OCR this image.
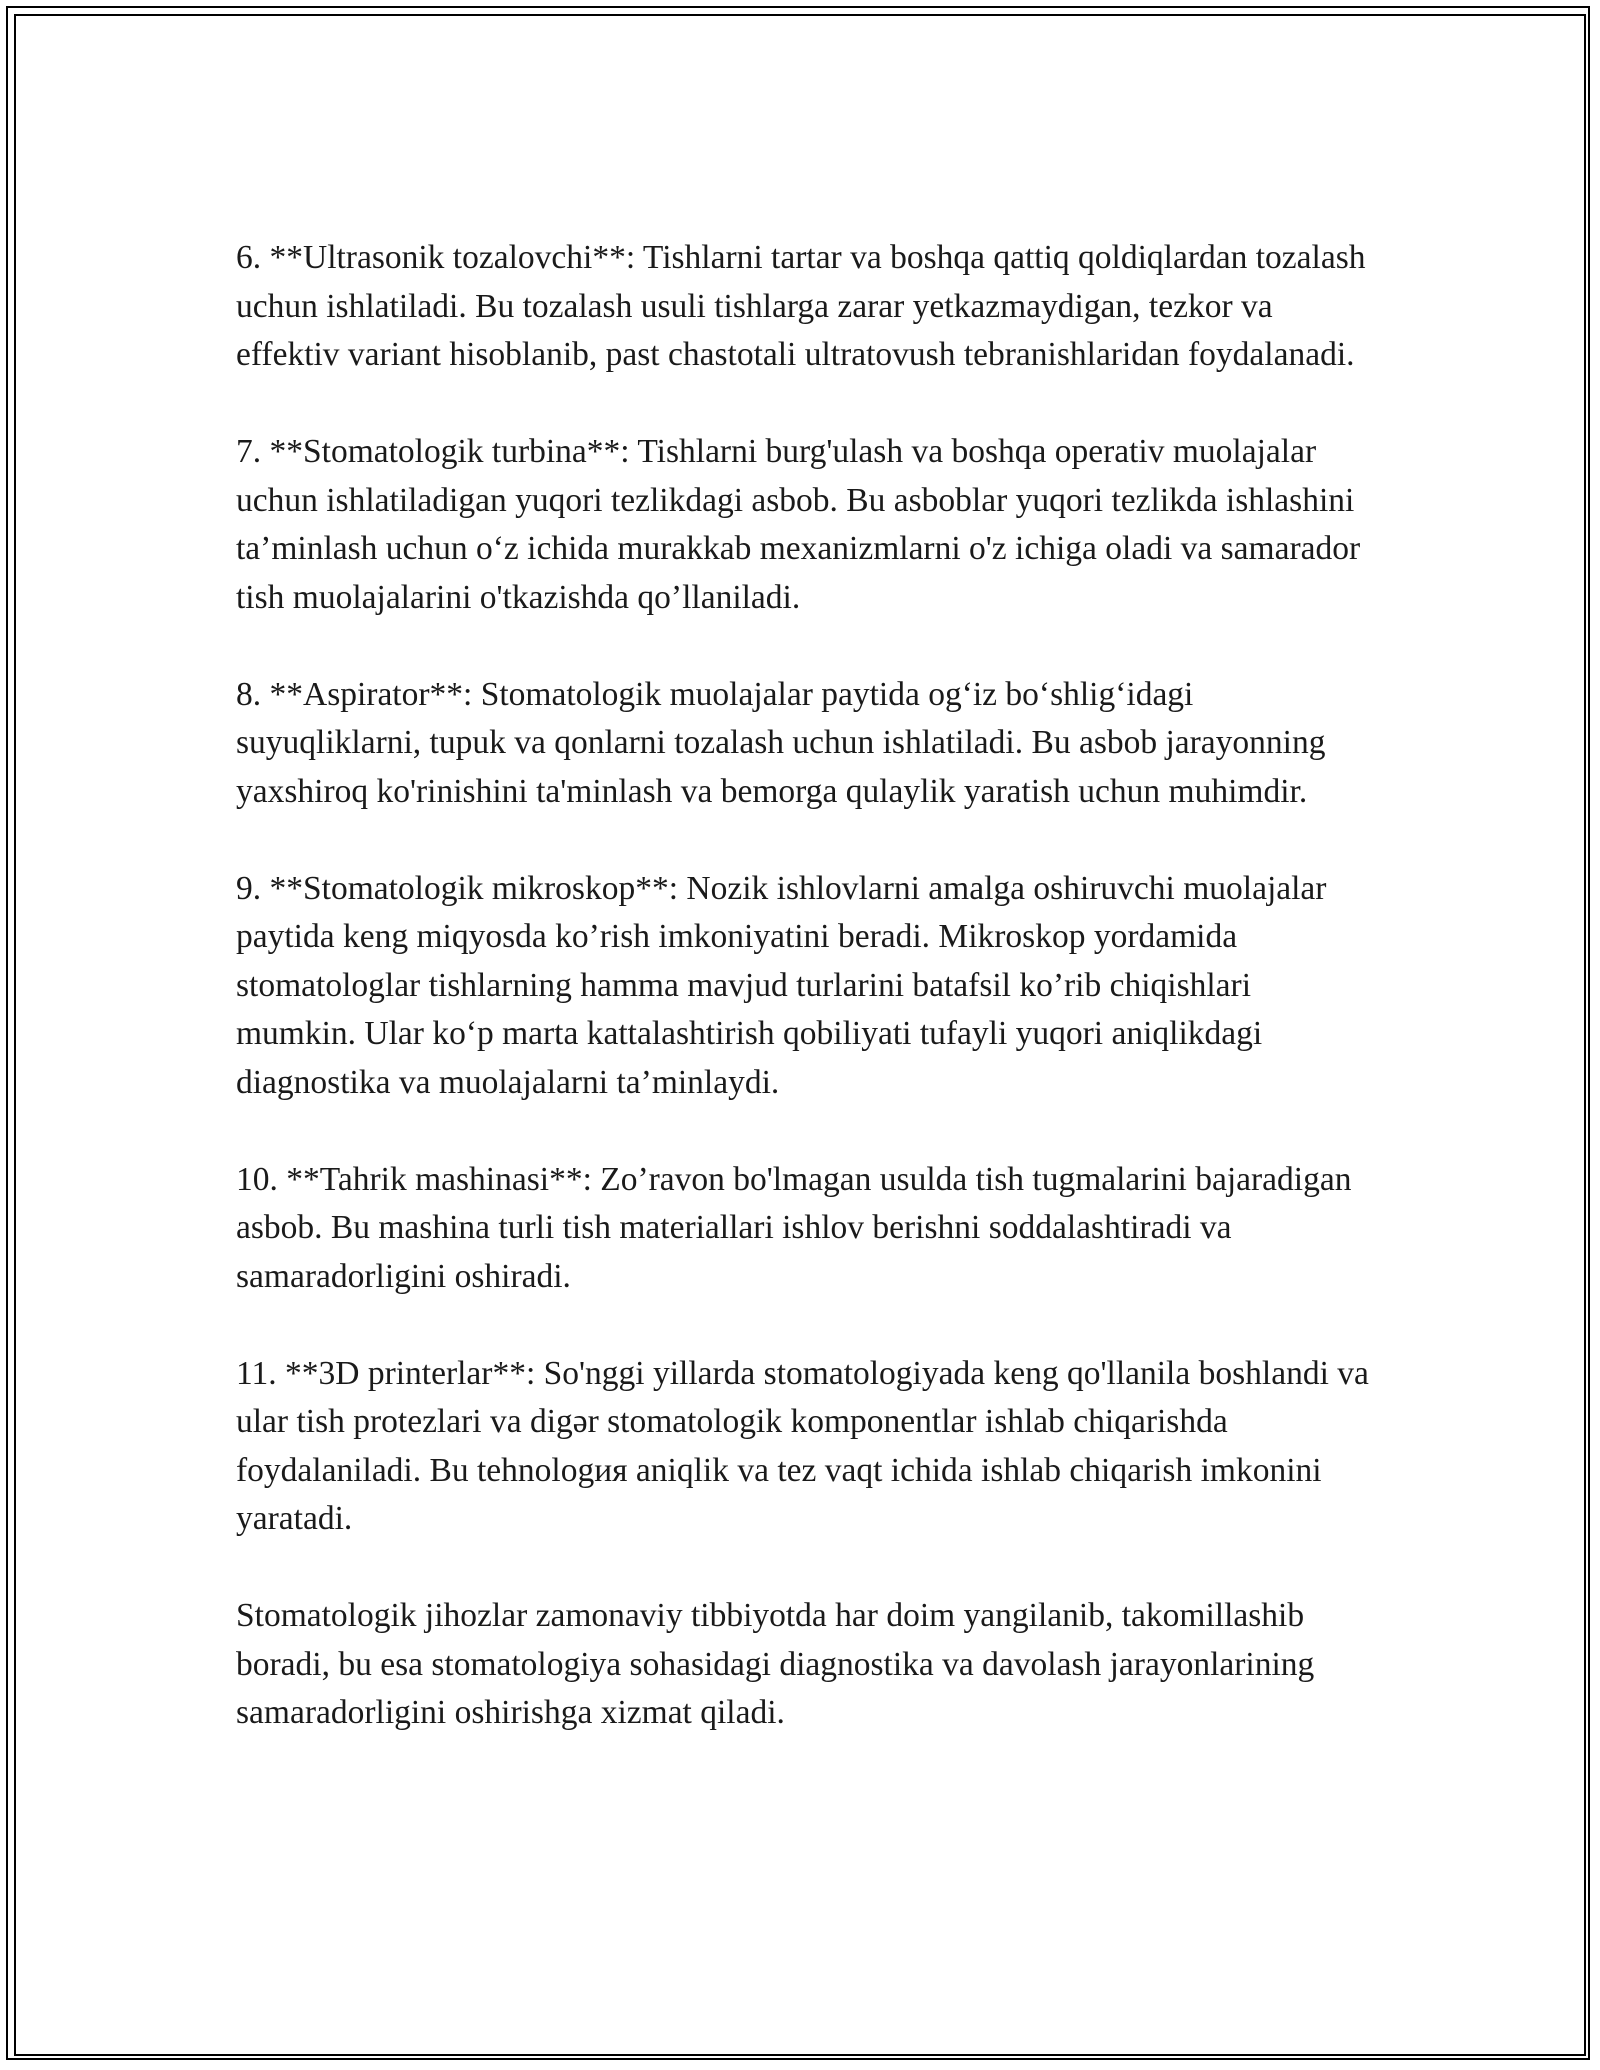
6. **Ultrasonik tozalovchi**: Tishlarni tartar va boshqa qattiq qoldiqlardan tozalash uchun ishlatiladi. Bu tozalash usuli tishlarga zarar yetkazmaydigan, tezkor va effektiv variant hisoblanib, past chastotali ultratovush tebranishlaridan foydalanadi.

7. **Stomatologik turbina**: Tishlarni burg'ulash va boshqa operativ muolajalar uchun ishlatiladigan yuqori tezlikdagi asbob. Bu asboblar yuqori tezlikda ishlashini ta’minlash uchun o‘z ichida murakkab mexanizmlarni o'z ichiga oladi va samarador tish muolajalarini o'tkazishda qo’llaniladi.

8. **Aspirator**: Stomatologik muolajalar paytida og‘iz bo‘shlig‘idagi suyuqliklarni, tupuk va qonlarni tozalash uchun ishlatiladi. Bu asbob jarayonning yaxshiroq ko'rinishini ta'minlash va bemorga qulaylik yaratish uchun muhimdir.

9. **Stomatologik mikroskop**: Nozik ishlovlarni amalga oshiruvchi muolajalar paytida keng miqyosda ko’rish imkoniyatini beradi. Mikroskop yordamida stomatologlar tishlarning hamma mavjud turlarini batafsil ko’rib chiqishlari mumkin. Ular ko‘p marta kattalashtirish qobiliyati tufayli yuqori aniqlikdagi diagnostika va muolajalarni ta’minlaydi.

10. **Tahrik mashinasi**: Zo’ravon bo'lmagan usulda tish tugmalarini bajaradigan asbob. Bu mashina turli tish materiallari ishlov berishni soddalashtiradi va samaradorligini oshiradi.

11. **3D printerlar**: So'nggi yillarda stomatologiyada keng qo'llanila boshlandi va ular tish protezlari va digər stomatologik komponentlar ishlab chiqarishda foydalaniladi. Bu tehnologия aniqlik va tez vaqt ichida ishlab chiqarish imkonini yaratadi.

Stomatologik jihozlar zamonaviy tibbiyotda har doim yangilanib, takomillashib boradi, bu esa stomatologiya sohasidagi diagnostika va davolash jarayonlarining samaradorligini oshirishga xizmat qiladi.
